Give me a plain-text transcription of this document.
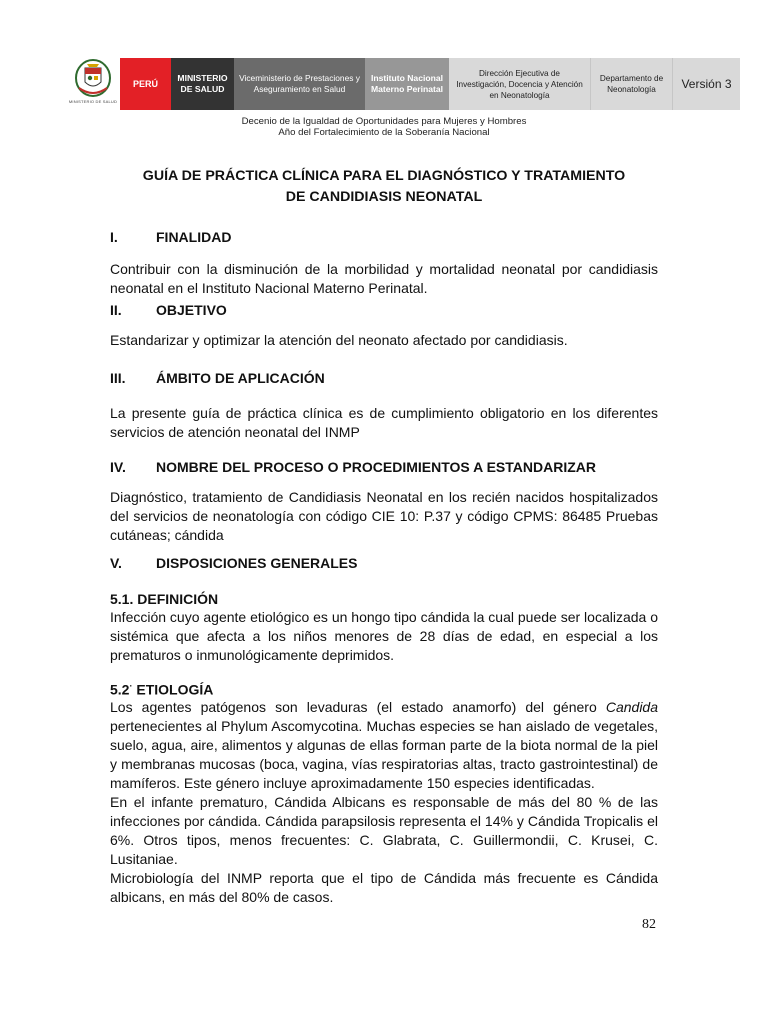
MINISTERIO DE SALUD
PERÚ
MINISTERIO DE SALUD
Viceministerio de Prestaciones y Aseguramiento en Salud
Instituto Nacional Materno Perinatal
Dirección Ejecutiva de Investigación, Docencia y Atención en Neonatología
Departamento de Neonatología	Versión 3
Decenio de la Igualdad de Oportunidades para Mujeres y Hombres
Año del Fortalecimiento de la Soberanía Nacional
GUÍA DE PRÁCTICA CLÍNICA PARA EL DIAGNÓSTICO Y TRATAMIENTO
DE CANDIDIASIS NEONATAL
I.	FINALIDAD
Contribuir con la disminución de la morbilidad y mortalidad neonatal por candidiasis neonatal en el Instituto Nacional Materno Perinatal.
II. OBJETIVO
Estandarizar y optimizar la atención del neonato afectado por candidiasis.
III. ÁMBITO DE APLICACIÓN
La presente guía de práctica clínica es de cumplimiento obligatorio en los diferentes servicios de atención neonatal del INMP
IV. NOMBRE DEL PROCESO O PROCEDIMIENTOS A ESTANDARIZAR
Diagnóstico, tratamiento de Candidiasis Neonatal en los recién nacidos hospitalizados del servicios de neonatología con código CIE 10: P.37 y código CPMS: 86485 Pruebas cutáneas; cándida
V. DISPOSICIONES GENERALES
5.1. DEFINICIÓN
Infección cuyo agente etiológico es un hongo tipo cándida la cual puede ser localizada o sistémica que afecta a los niños menores de 28 días de edad, en especial a los prematuros o inmunológicamente deprimidos.
5.2· ETIOLOGÍA
Los agentes patógenos son levaduras (el estado anamorfo) del género Candida pertenecientes al Phylum Ascomycotina. Muchas especies se han aislado de vegetales, suelo, agua, aire, alimentos y algunas de ellas forman parte de la biota normal de la piel y membranas mucosas (boca, vagina, vías respiratorias altas, tracto gastrointestinal) de mamíferos. Este género incluye aproximadamente 150 especies identificadas.
En el infante prematuro, Cándida Albicans es responsable de más del 80 % de las infecciones por cándida. Cándida parapsilosis representa el 14% y Cándida Tropicalis el 6%. Otros tipos, menos frecuentes: C. Glabrata, C. Guillermondii, C. Krusei, C. Lusitaniae.
Microbiología del INMP reporta que el tipo de Cándida más frecuente es Cándida albicans, en más del 80% de casos.
82
